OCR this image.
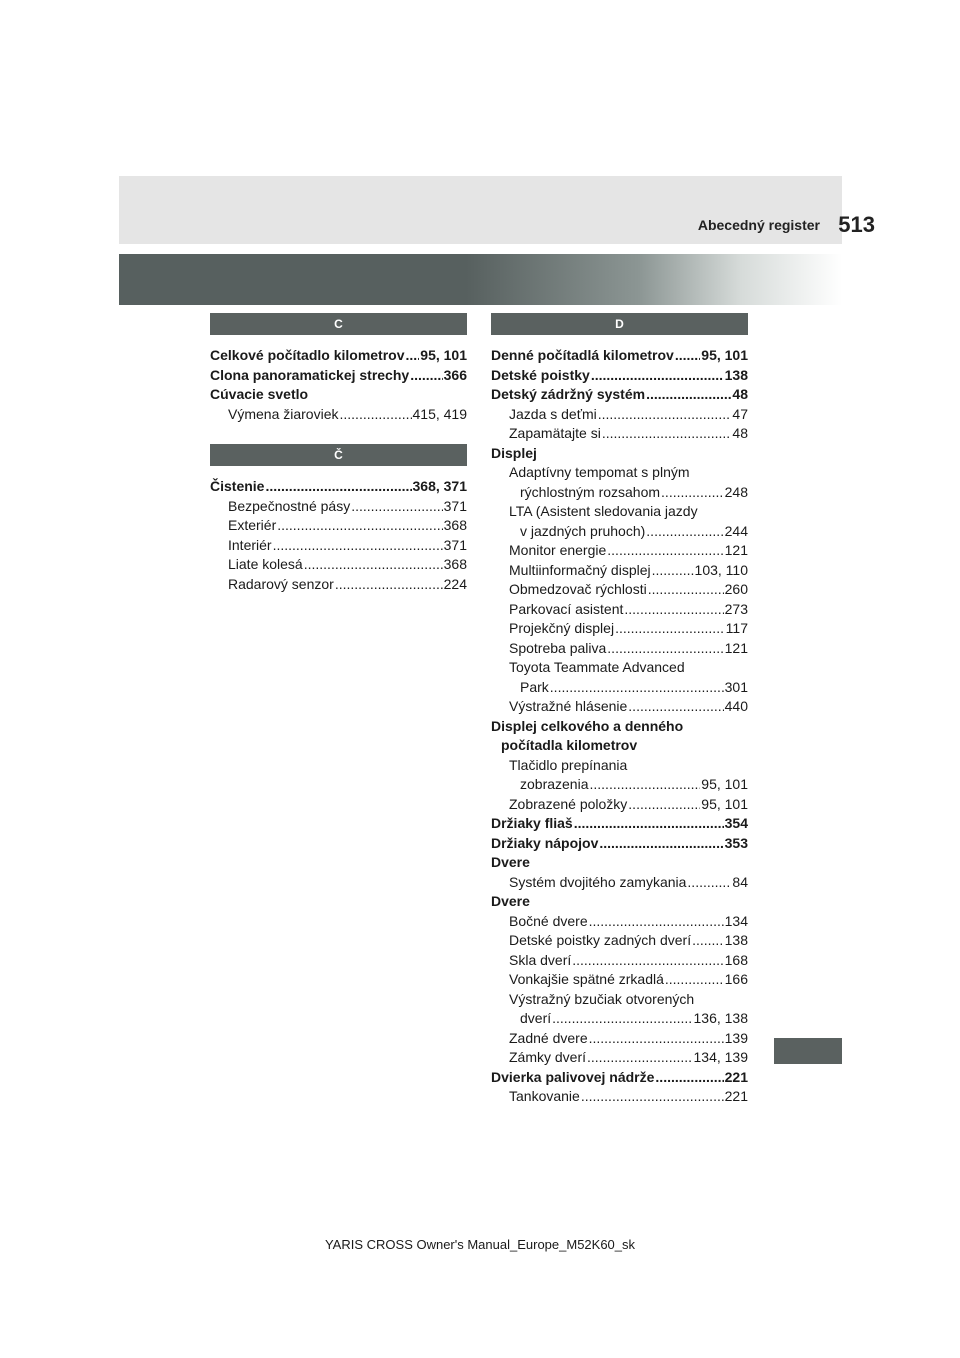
Abecedný register 513
C
Celkové počítadlo kilometrov ..... 95, 101
Clona panoramatickej strechy ..... 366
Cúvacie svetlo
Výmena žiaroviek .....	415, 419
Č
Čistenie .....	368, 371
Bezpečnostné pásy .....	371
Exteriér .....	368
Interiér .....	371
Liate kolesá .....	368
Radarový senzor .....	224
D
Denné počítadlá kilometrov ..... 95, 101
Detské poistky .....	138
Detský zádržný systém .....	48
Jazda s deťmi .....	47
Zapamätajte si .....	48
Displej
Adaptívny tempomat s plným
rýchlostným rozsahom .....	248
LTA (Asistent sledovania jazdy
v jazdných pruhoch) .....	244
Monitor energie .....	121
Multiinformačný displej .....	103, 110
Obmedzovač rýchlosti .....	260
Parkovací asistent .....	273
Projekčný displej .....	117
Spotreba paliva .....	121
Toyota Teammate Advanced
Park .....	301
Výstražné hlásenie .....	440
Displej celkového a denného
počítadla kilometrov
Tlačidlo prepínania
zobrazenia .....	95, 101
Zobrazené položky .....	95, 101
Držiaky fliaš .....	354
Držiaky nápojov .....	353
Dvere
Systém dvojitého zamykania .....	84
Dvere
Bočné dvere .....	134
Detské poistky zadných dverí ..... 138
Skla dverí .....	168
Vonkajšie spätné zrkadlá .....	166
Výstražný bzučiak otvorených
dverí .....	136, 138
Zadné dvere .....	139
Zámky dverí .....	134, 139
Dvierka palivovej nádrže .....	221
Tankovanie .....	221
YARIS CROSS Owner's Manual_Europe_M52K60_sk
